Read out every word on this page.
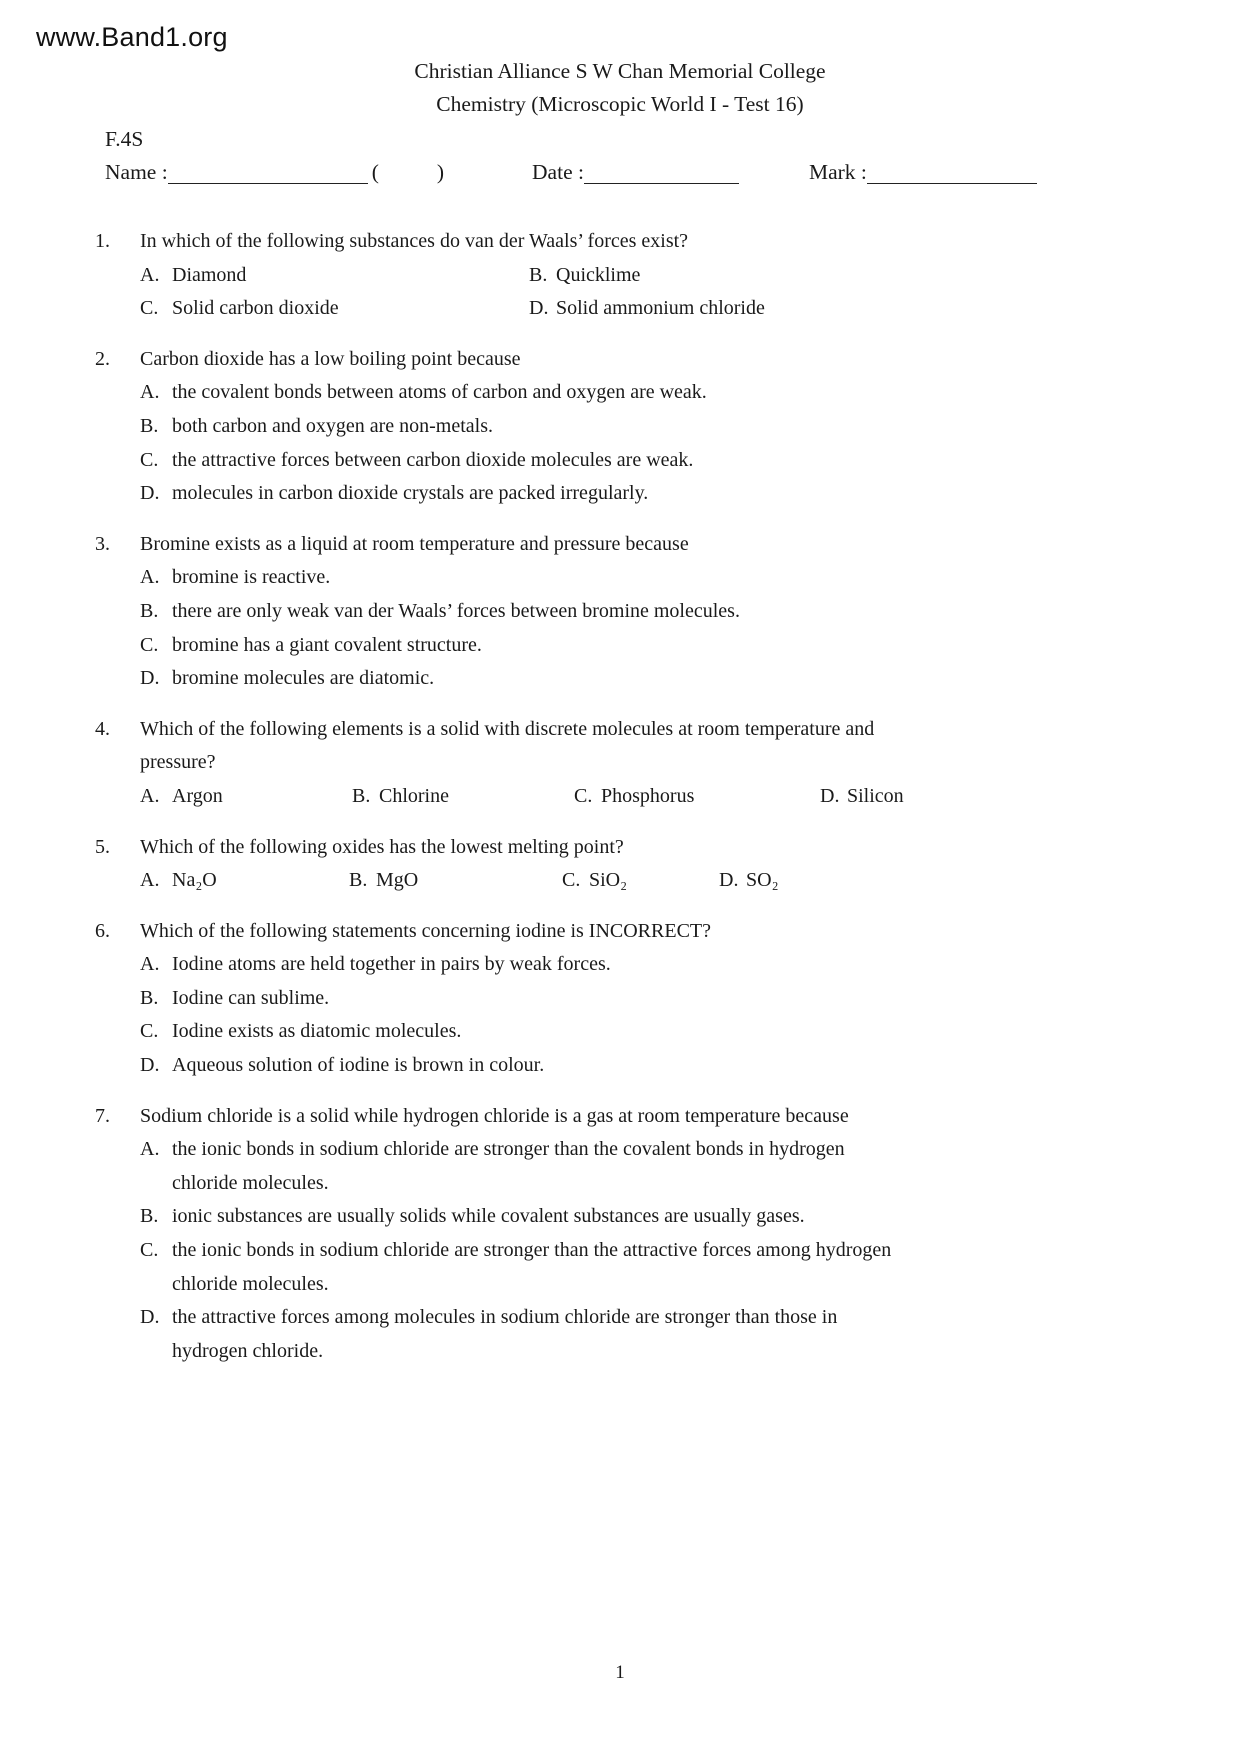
www.Band1.org
Christian Alliance S W Chan Memorial College
Chemistry (Microscopic World I - Test 16)
F.4S
Name :	(	)	Date :	Mark :
1.	In which of the following substances do van der Waals’ forces exist?
A. Diamond	B. Quicklime
C. Solid carbon dioxide	D. Solid ammonium chloride
2.	Carbon dioxide has a low boiling point because
A. the covalent bonds between atoms of carbon and oxygen are weak.
B. both carbon and oxygen are non-metals.
C. the attractive forces between carbon dioxide molecules are weak.
D. molecules in carbon dioxide crystals are packed irregularly.
3.	Bromine exists as a liquid at room temperature and pressure because
A. bromine is reactive.
B. there are only weak van der Waals’ forces between bromine molecules.
C. bromine has a giant covalent structure.
D. bromine molecules are diatomic.
4.	Which of the following elements is a solid with discrete molecules at room temperature and
pressure?
A. Argon	B. Chlorine	C. Phosphorus	D. Silicon
5.	Which of the following oxides has the lowest melting point?
A. Na₂O	B. MgO	C. SiO₂	D. SO₂
6.	Which of the following statements concerning iodine is INCORRECT?
A. Iodine atoms are held together in pairs by weak forces.
B. Iodine can sublime.
C. Iodine exists as diatomic molecules.
D. Aqueous solution of iodine is brown in colour.
7.	Sodium chloride is a solid while hydrogen chloride is a gas at room temperature because
A. the ionic bonds in sodium chloride are stronger than the covalent bonds in hydrogen
chloride molecules.
B. ionic substances are usually solids while covalent substances are usually gases.
C. the ionic bonds in sodium chloride are stronger than the attractive forces among hydrogen
chloride molecules.
D. the attractive forces among molecules in sodium chloride are stronger than those in
hydrogen chloride.
1
